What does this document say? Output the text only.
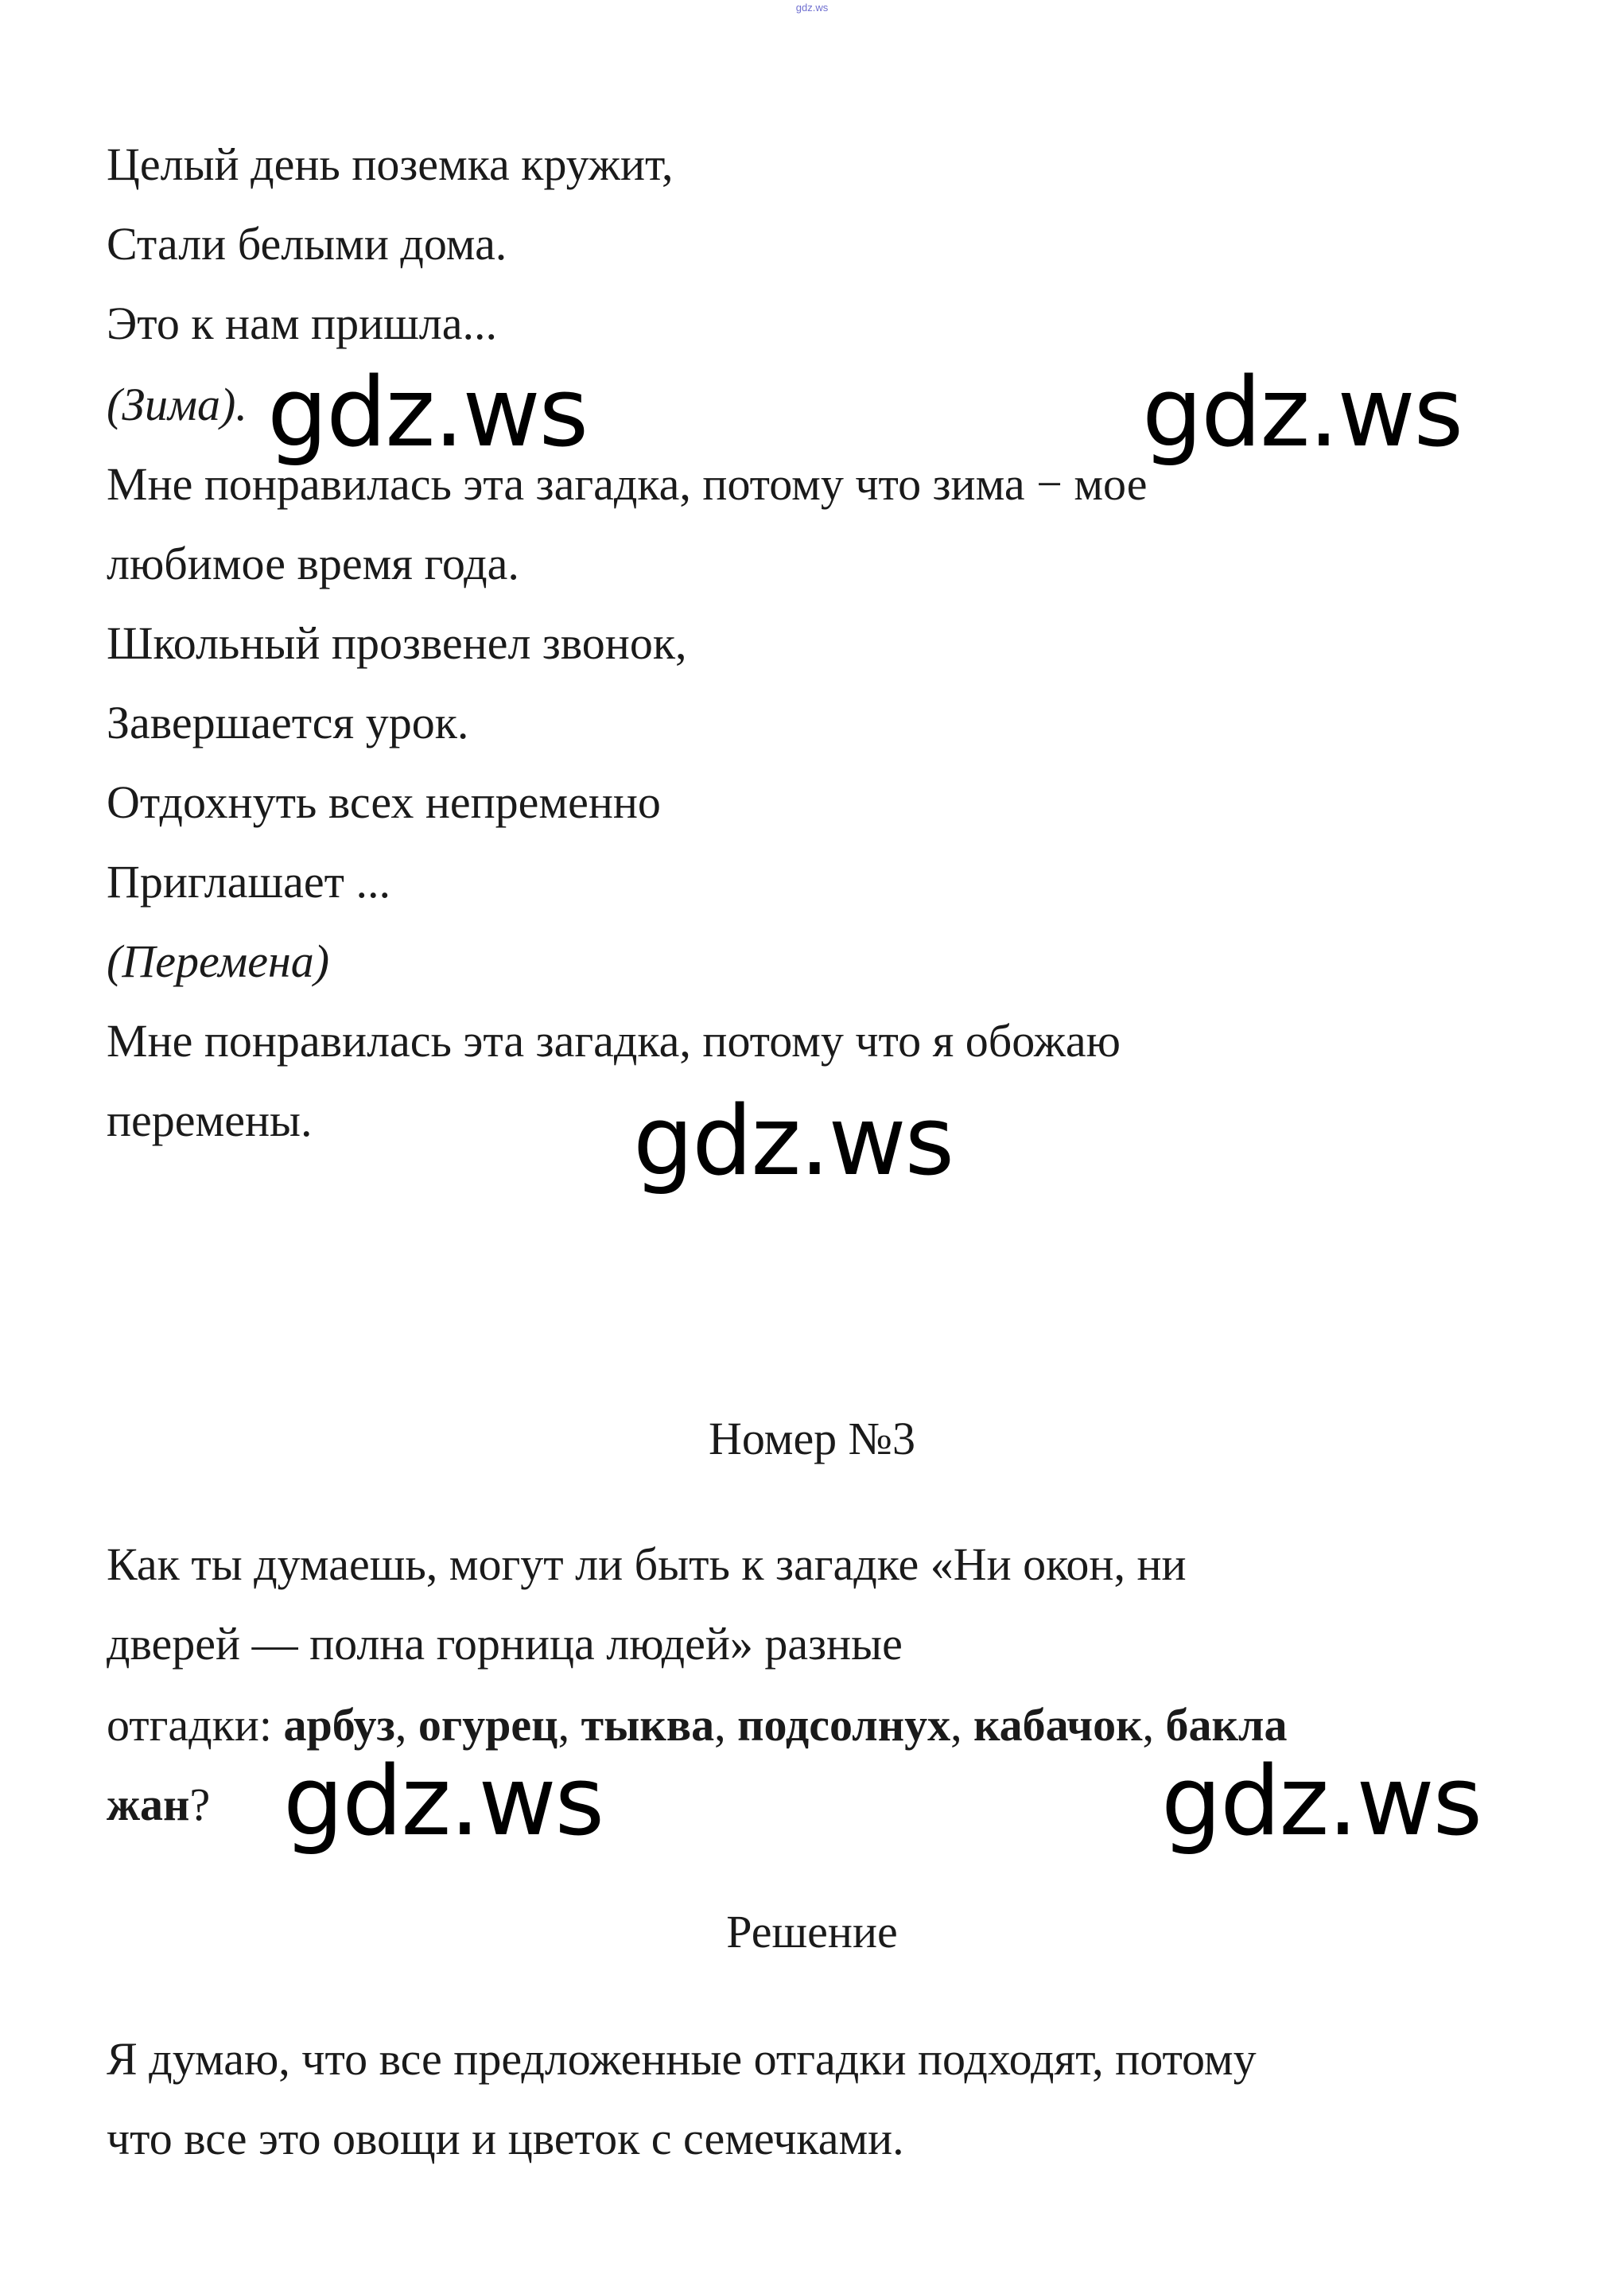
gdz.ws
Целый день поземка кружит,
Стали белыми дома.
Это к нам пришла...
(Зима).
Мне понравилась эта загадка, потому что зима − мое
любимое время года.
Школьный прозвенел звонок,
Завершается урок.
Отдохнуть всех непременно
Приглашает ...
(Перемена)
Мне понравилась эта загадка, потому что я обожаю
перемены.
Номер №3
Как ты думаешь, могут ли быть к загадке «Ни окон, ни
дверей — полна горница людей» разные
отгадки: арбуз, огурец, тыква, подсолнух, кабачок, бакла
жан?
Решение
Я думаю, что все предложенные отгадки подходят, потому
что все это овощи и цветок с семечками.
gdz.ws	gdz.ws
gdz.ws
gdz.ws	gdz.ws
